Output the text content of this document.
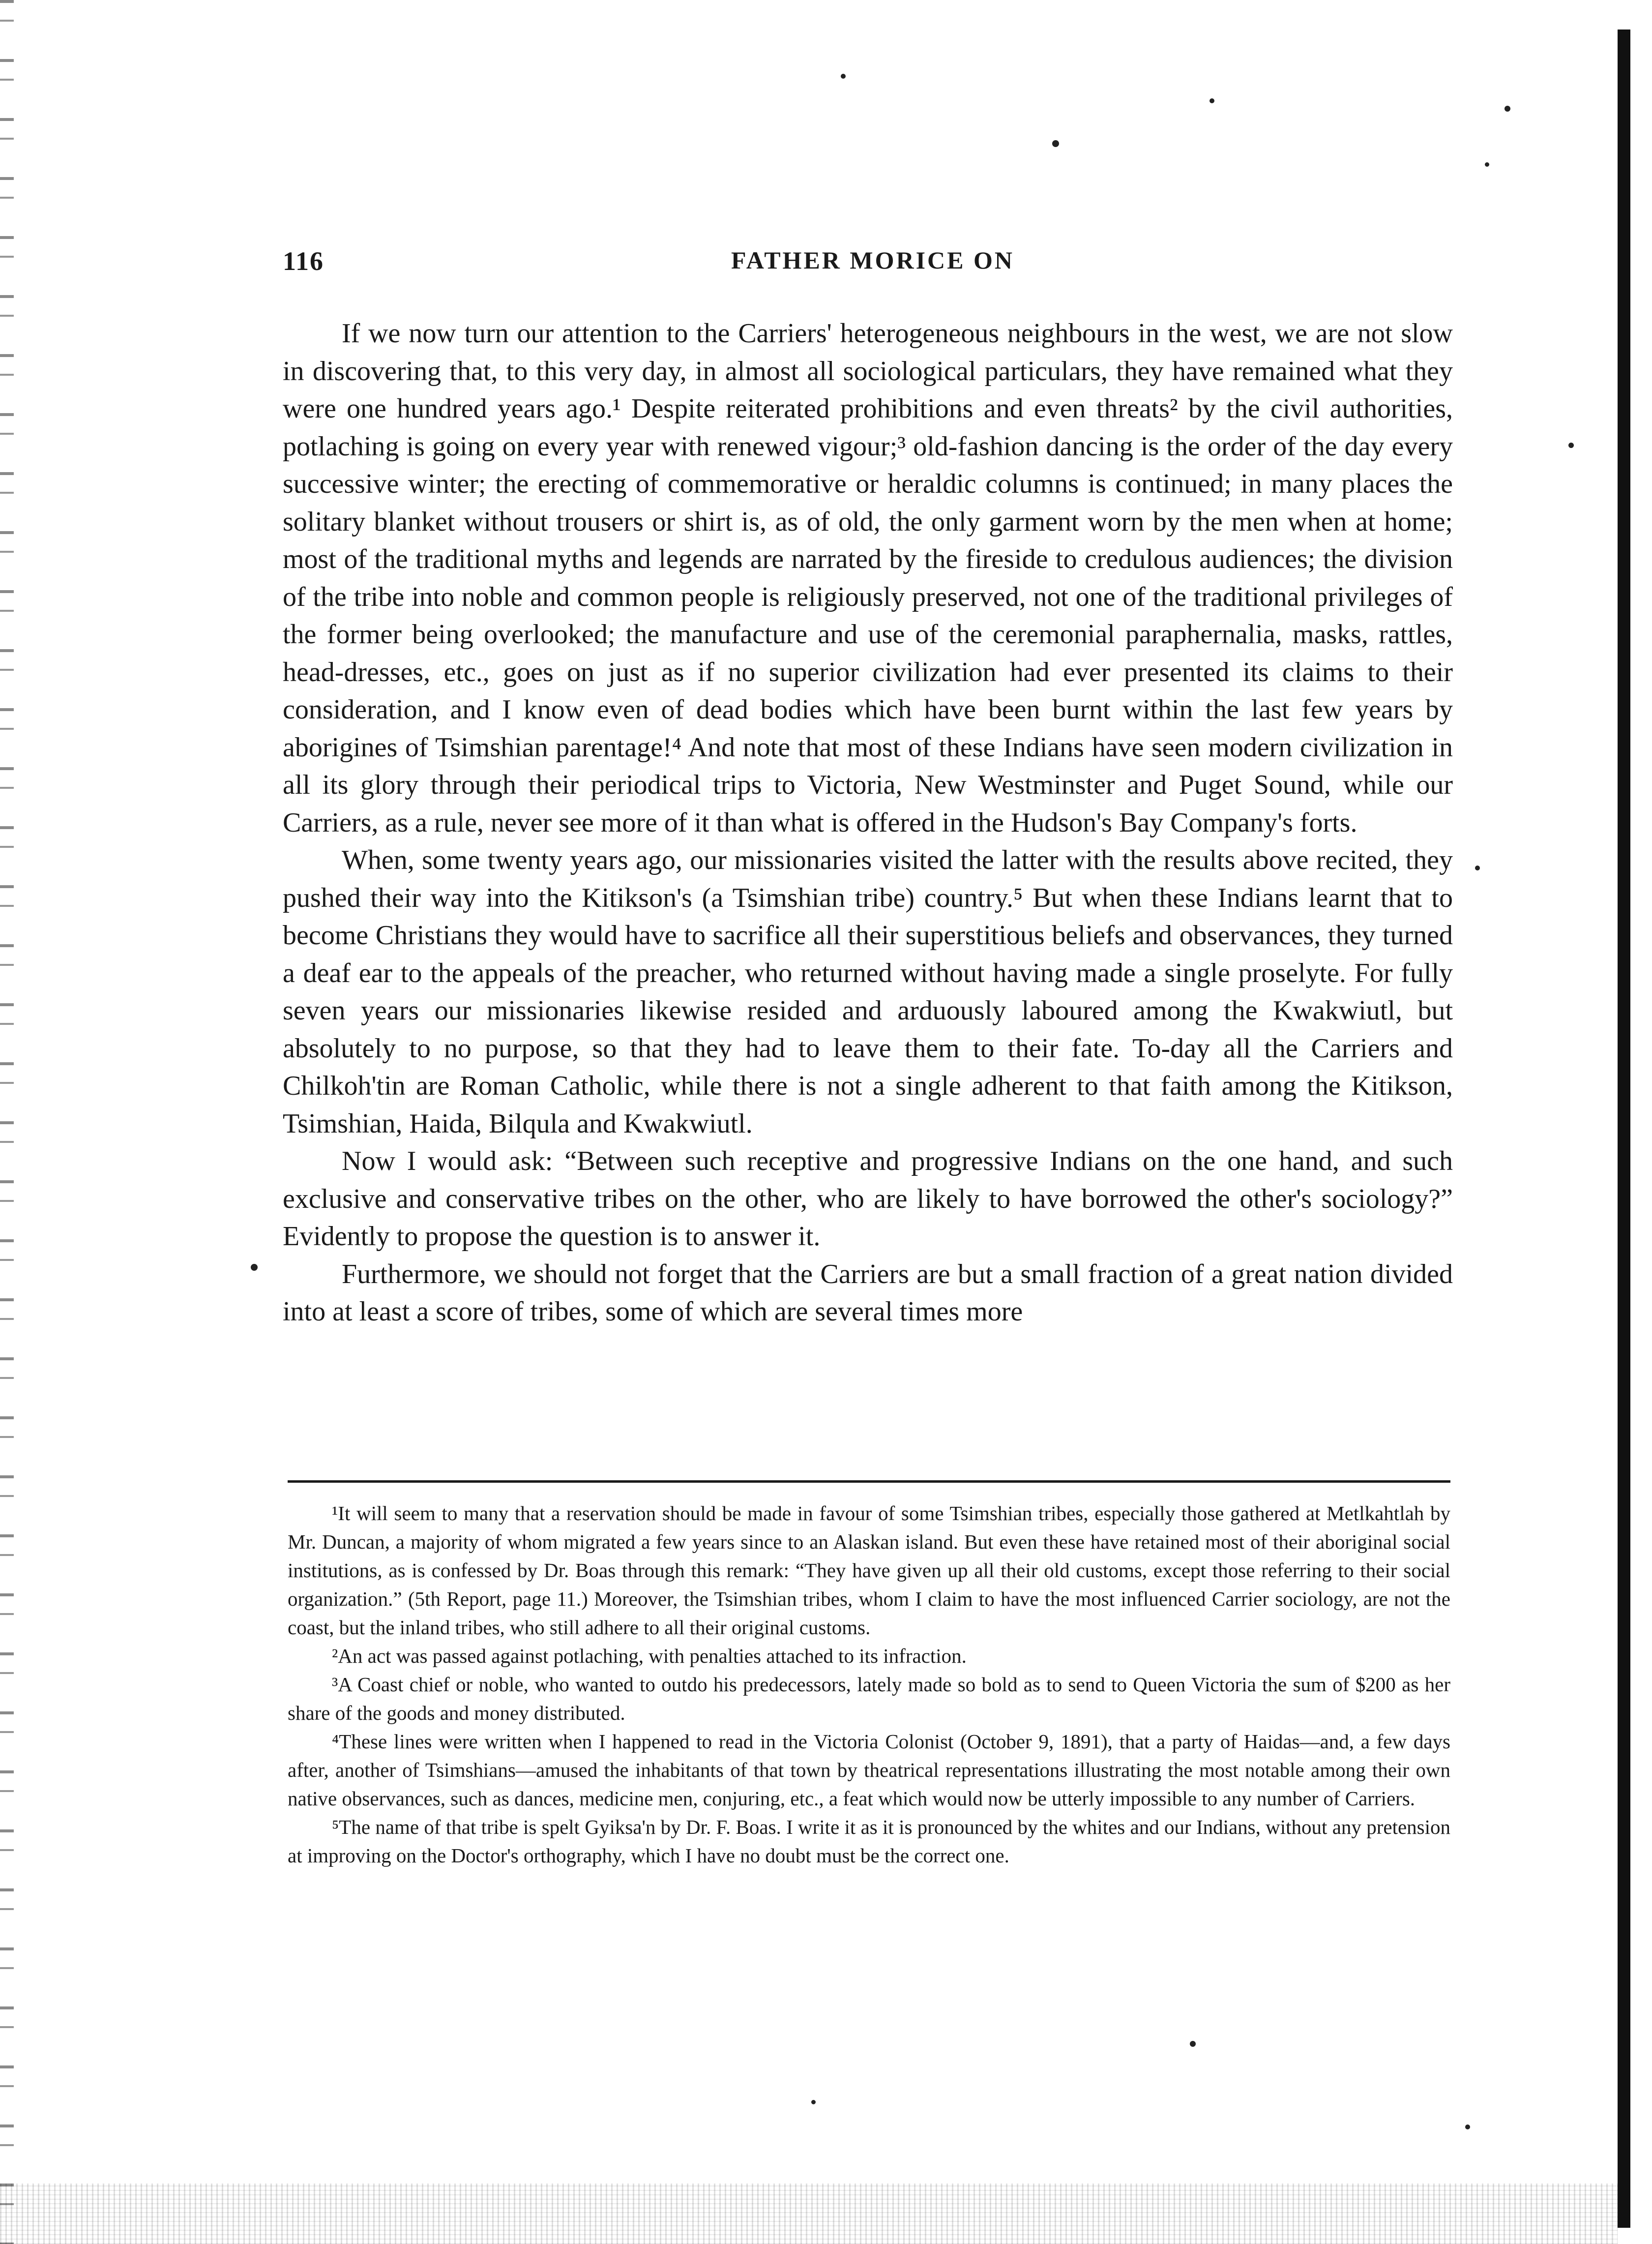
116	FATHER MORICE ON

If we now turn our attention to the Carriers' heterogeneous neighbours in the west, we are not slow in discovering that, to this very day, in almost all sociological particulars, they have remained what they were one hundred years ago.¹ Despite reiterated prohibitions and even threats² by the civil authorities, potlaching is going on every year with renewed vigour;³ old-fashion dancing is the order of the day every successive winter; the erecting of commemorative or heraldic columns is continued; in many places the solitary blanket without trousers or shirt is, as of old, the only garment worn by the men when at home; most of the traditional myths and legends are narrated by the fireside to credulous audiences; the division of the tribe into noble and common people is religiously preserved, not one of the traditional privileges of the former being overlooked; the manufacture and use of the ceremonial paraphernalia, masks, rattles, head-dresses, etc., goes on just as if no superior civilization had ever presented its claims to their consideration, and I know even of dead bodies which have been burnt within the last few years by aborigines of Tsimshian parentage!⁴ And note that most of these Indians have seen modern civilization in all its glory through their periodical trips to Victoria, New Westminster and Puget Sound, while our Carriers, as a rule, never see more of it than what is offered in the Hudson's Bay Company's forts.

When, some twenty years ago, our missionaries visited the latter with the results above recited, they pushed their way into the Kitikson's (a Tsimshian tribe) country.⁵ But when these Indians learnt that to become Christians they would have to sacrifice all their superstitious beliefs and observances, they turned a deaf ear to the appeals of the preacher, who returned without having made a single proselyte. For fully seven years our missionaries likewise resided and arduously laboured among the Kwakwiutl, but absolutely to no purpose, so that they had to leave them to their fate. To-day all the Carriers and Chilkoh'tin are Roman Catholic, while there is not a single adherent to that faith among the Kitikson, Tsimshian, Haida, Bilqula and Kwakwiutl.

Now I would ask: “Between such receptive and progressive Indians on the one hand, and such exclusive and conservative tribes on the other, who are likely to have borrowed the other's sociology?” Evidently to propose the question is to answer it.

Furthermore, we should not forget that the Carriers are but a small fraction of a great nation divided into at least a score of tribes, some of which are several times more

¹It will seem to many that a reservation should be made in favour of some Tsimshian tribes, especially those gathered at Metlkahtlah by Mr. Duncan, a majority of whom migrated a few years since to an Alaskan island. But even these have retained most of their aboriginal social institutions, as is confessed by Dr. Boas through this remark: “They have given up all their old customs, except those referring to their social organization.” (5th Report, page 11.) Moreover, the Tsimshian tribes, whom I claim to have the most influenced Carrier sociology, are not the coast, but the inland tribes, who still adhere to all their original customs.

²An act was passed against potlaching, with penalties attached to its infraction.

³A Coast chief or noble, who wanted to outdo his predecessors, lately made so bold as to send to Queen Victoria the sum of $200 as her share of the goods and money distributed.

⁴These lines were written when I happened to read in the Victoria Colonist (October 9, 1891), that a party of Haidas—and, a few days after, another of Tsimshians—amused the inhabitants of that town by theatrical representations illustrating the most notable among their own native observances, such as dances, medicine men, conjuring, etc., a feat which would now be utterly impossible to any number of Carriers.

⁵The name of that tribe is spelt Gyiksa'n by Dr. F. Boas. I write it as it is pronounced by the whites and our Indians, without any pretension at improving on the Doctor's orthography, which I have no doubt must be the correct one.
